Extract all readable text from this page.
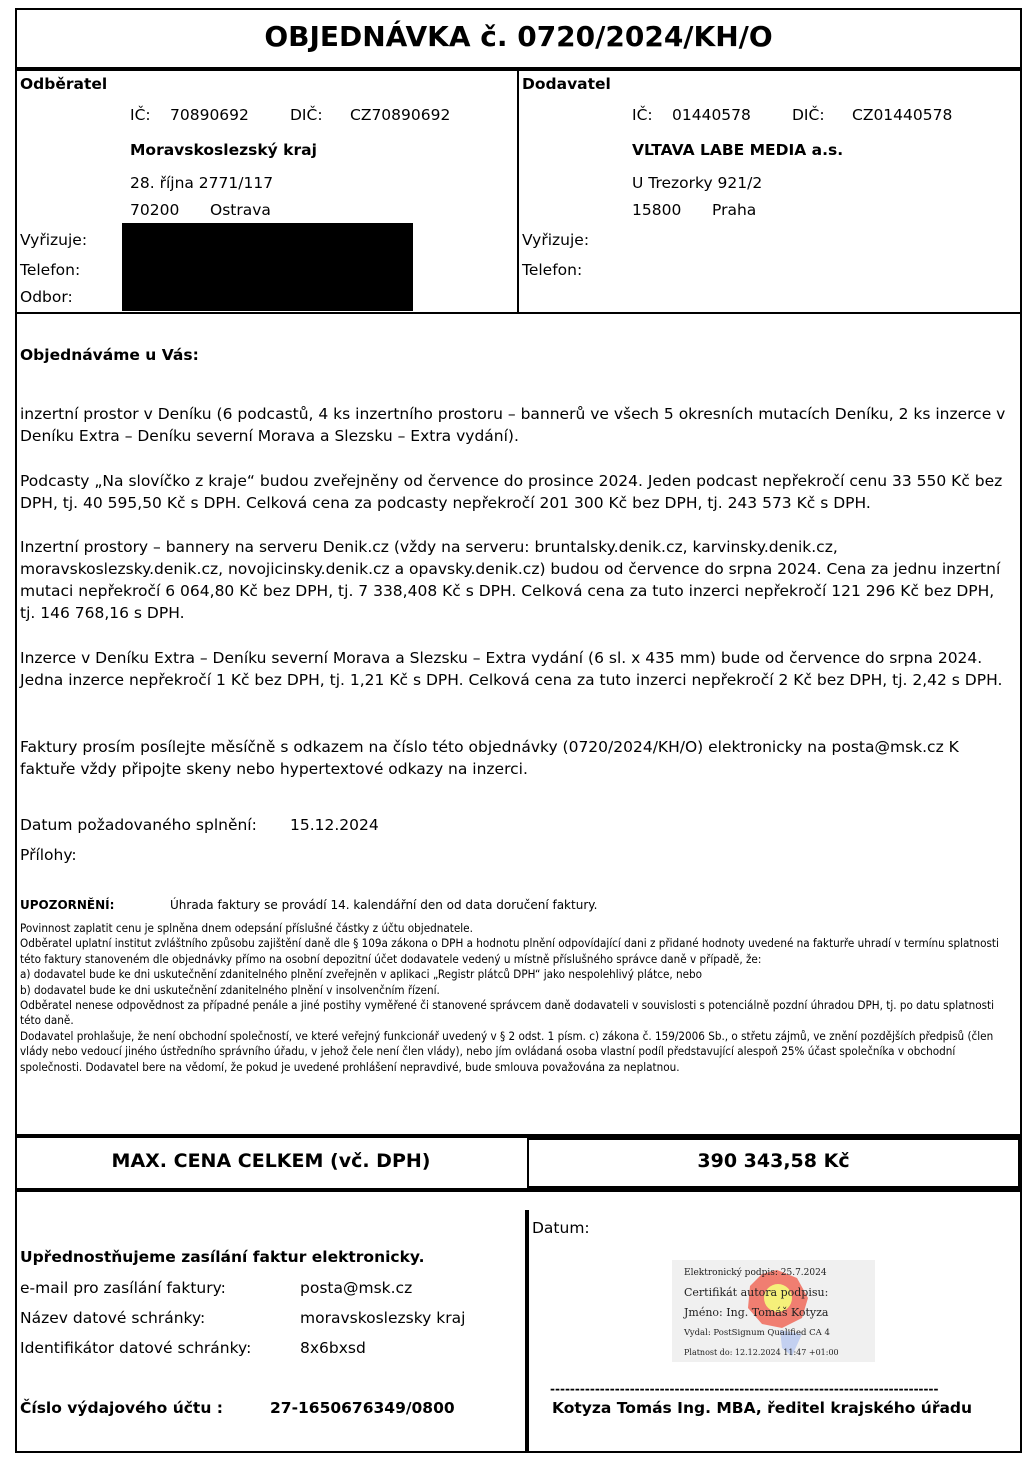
OBJEDNÁVKA č. 0720/2024/KH/O
Odběratel
IČ: 70890692	DIČ: CZ70890692
Moravskoslezský kraj
28. října 2771/117
70200 Ostrava
Vyřizuje:
Telefon:
Odbor:
Dodavatel
IČ: 01440578	DIČ: CZ01440578
VLTAVA LABE MEDIA a.s.
U Trezorky 921/2
15800 Praha
Vyřizuje:
Telefon:
Objednáváme u Vás:
inzertní prostor v Deníku (6 podcastů, 4 ks inzertního prostoru – bannerů ve všech 5 okresních mutacích Deníku, 2 ks inzerce v Deníku Extra – Deníku severní Morava a Slezsku – Extra vydání).
Podcasty „Na slovíčko z kraje“ budou zveřejněny od července do prosince 2024. Jeden podcast nepřekročí cenu 33 550 Kč bez DPH, tj. 40 595,50 Kč s DPH. Celková cena za podcasty nepřekročí 201 300 Kč bez DPH, tj. 243 573 Kč s DPH.
Inzertní prostory – bannery na serveru Denik.cz (vždy na serveru: bruntalsky.denik.cz, karvinsky.denik.cz, moravskoslezsky.denik.cz, novojicinsky.denik.cz a opavsky.denik.cz) budou od července do srpna 2024. Cena za jednu inzertní mutaci nepřekročí 6 064,80 Kč bez DPH, tj. 7 338,408 Kč s DPH. Celková cena za tuto inzerci nepřekročí 121 296 Kč bez DPH, tj. 146 768,16 s DPH.
Inzerce v Deníku Extra – Deníku severní Morava a Slezsku – Extra vydání (6 sl. x 435 mm) bude od července do srpna 2024. Jedna inzerce nepřekročí 1 Kč bez DPH, tj. 1,21 Kč s DPH. Celková cena za tuto inzerci nepřekročí 2 Kč bez DPH, tj. 2,42 s DPH.
Faktury prosím posílejte měsíčně s odkazem na číslo této objednávky (0720/2024/KH/O) elektronicky na posta@msk.cz K faktuře vždy připojte skeny nebo hypertextové odkazy na inzerci.
Datum požadovaného splnění: 15.12.2024
Přílohy:
UPOZORNĚNÍ:	Úhrada faktury se provádí 14. kalendářní den od data doručení faktury.
Povinnost zaplatit cenu je splněna dnem odepsání příslušné částky z účtu objednatele.
Odběratel uplatní institut zvláštního způsobu zajištění daně dle § 109a zákona o DPH a hodnotu plnění odpovídající dani z přidané hodnoty uvedené na fakturře uhradí v termínu splatnosti této faktury stanoveném dle objednávky přímo na osobní depozitní účet dodavatele vedený u místně příslušného správce daně v případě, že:
a) dodavatel bude ke dni uskutečnění zdanitelného plnění zveřejněn v aplikaci „Registr plátců DPH“ jako nespolehlivý plátce, nebo
b) dodavatel bude ke dni uskutečnění zdanitelného plnění v insolvenčním řízení.
Odběratel nenese odpovědnost za případné penále a jiné postihy vyměřené či stanovené správcem daně dodavateli v souvislosti s potenciálně pozdní úhradou DPH, tj. po datu splatnosti této daně.
Dodavatel prohlašuje, že není obchodní společností, ve které veřejný funkcionář uvedený v § 2 odst. 1 písm. c) zákona č. 159/2006 Sb., o střetu zájmů, ve znění pozdějších předpisů (člen vlády nebo vedoucí jiného ústředního správního úřadu, v jehož čele není člen vlády), nebo jím ovládaná osoba vlastní podíl představující alespoň 25% účast společníka v obchodní společnosti. Dodavatel bere na vědomí, že pokud je uvedené prohlášení nepravdivé, bude smlouva považována za neplatnou.
MAX. CENA CELKEM (vč. DPH)	390 343,58 Kč
Upřednostňujeme zasílání faktur elektronicky.
e-mail pro zasílání faktury:	posta@msk.cz
Název datové schránky:	moravskoslezsky kraj
Identifikátor datové schránky:	8x6bxsd
Číslo výdajového účtu :	27-1650676349/0800
Datum:
Elektronický podpis: 25.7.2024
Certifikát autora podpisu:
Jméno: Ing. Tomáš Kotyza
Vydal: PostSignum Qualified CA 4
Platnost do: 12.12.2024 11:47 +01:00
------------------------------------------------------------------------------
Kotyza Tomás Ing. MBA, ředitel krajského úřadu
